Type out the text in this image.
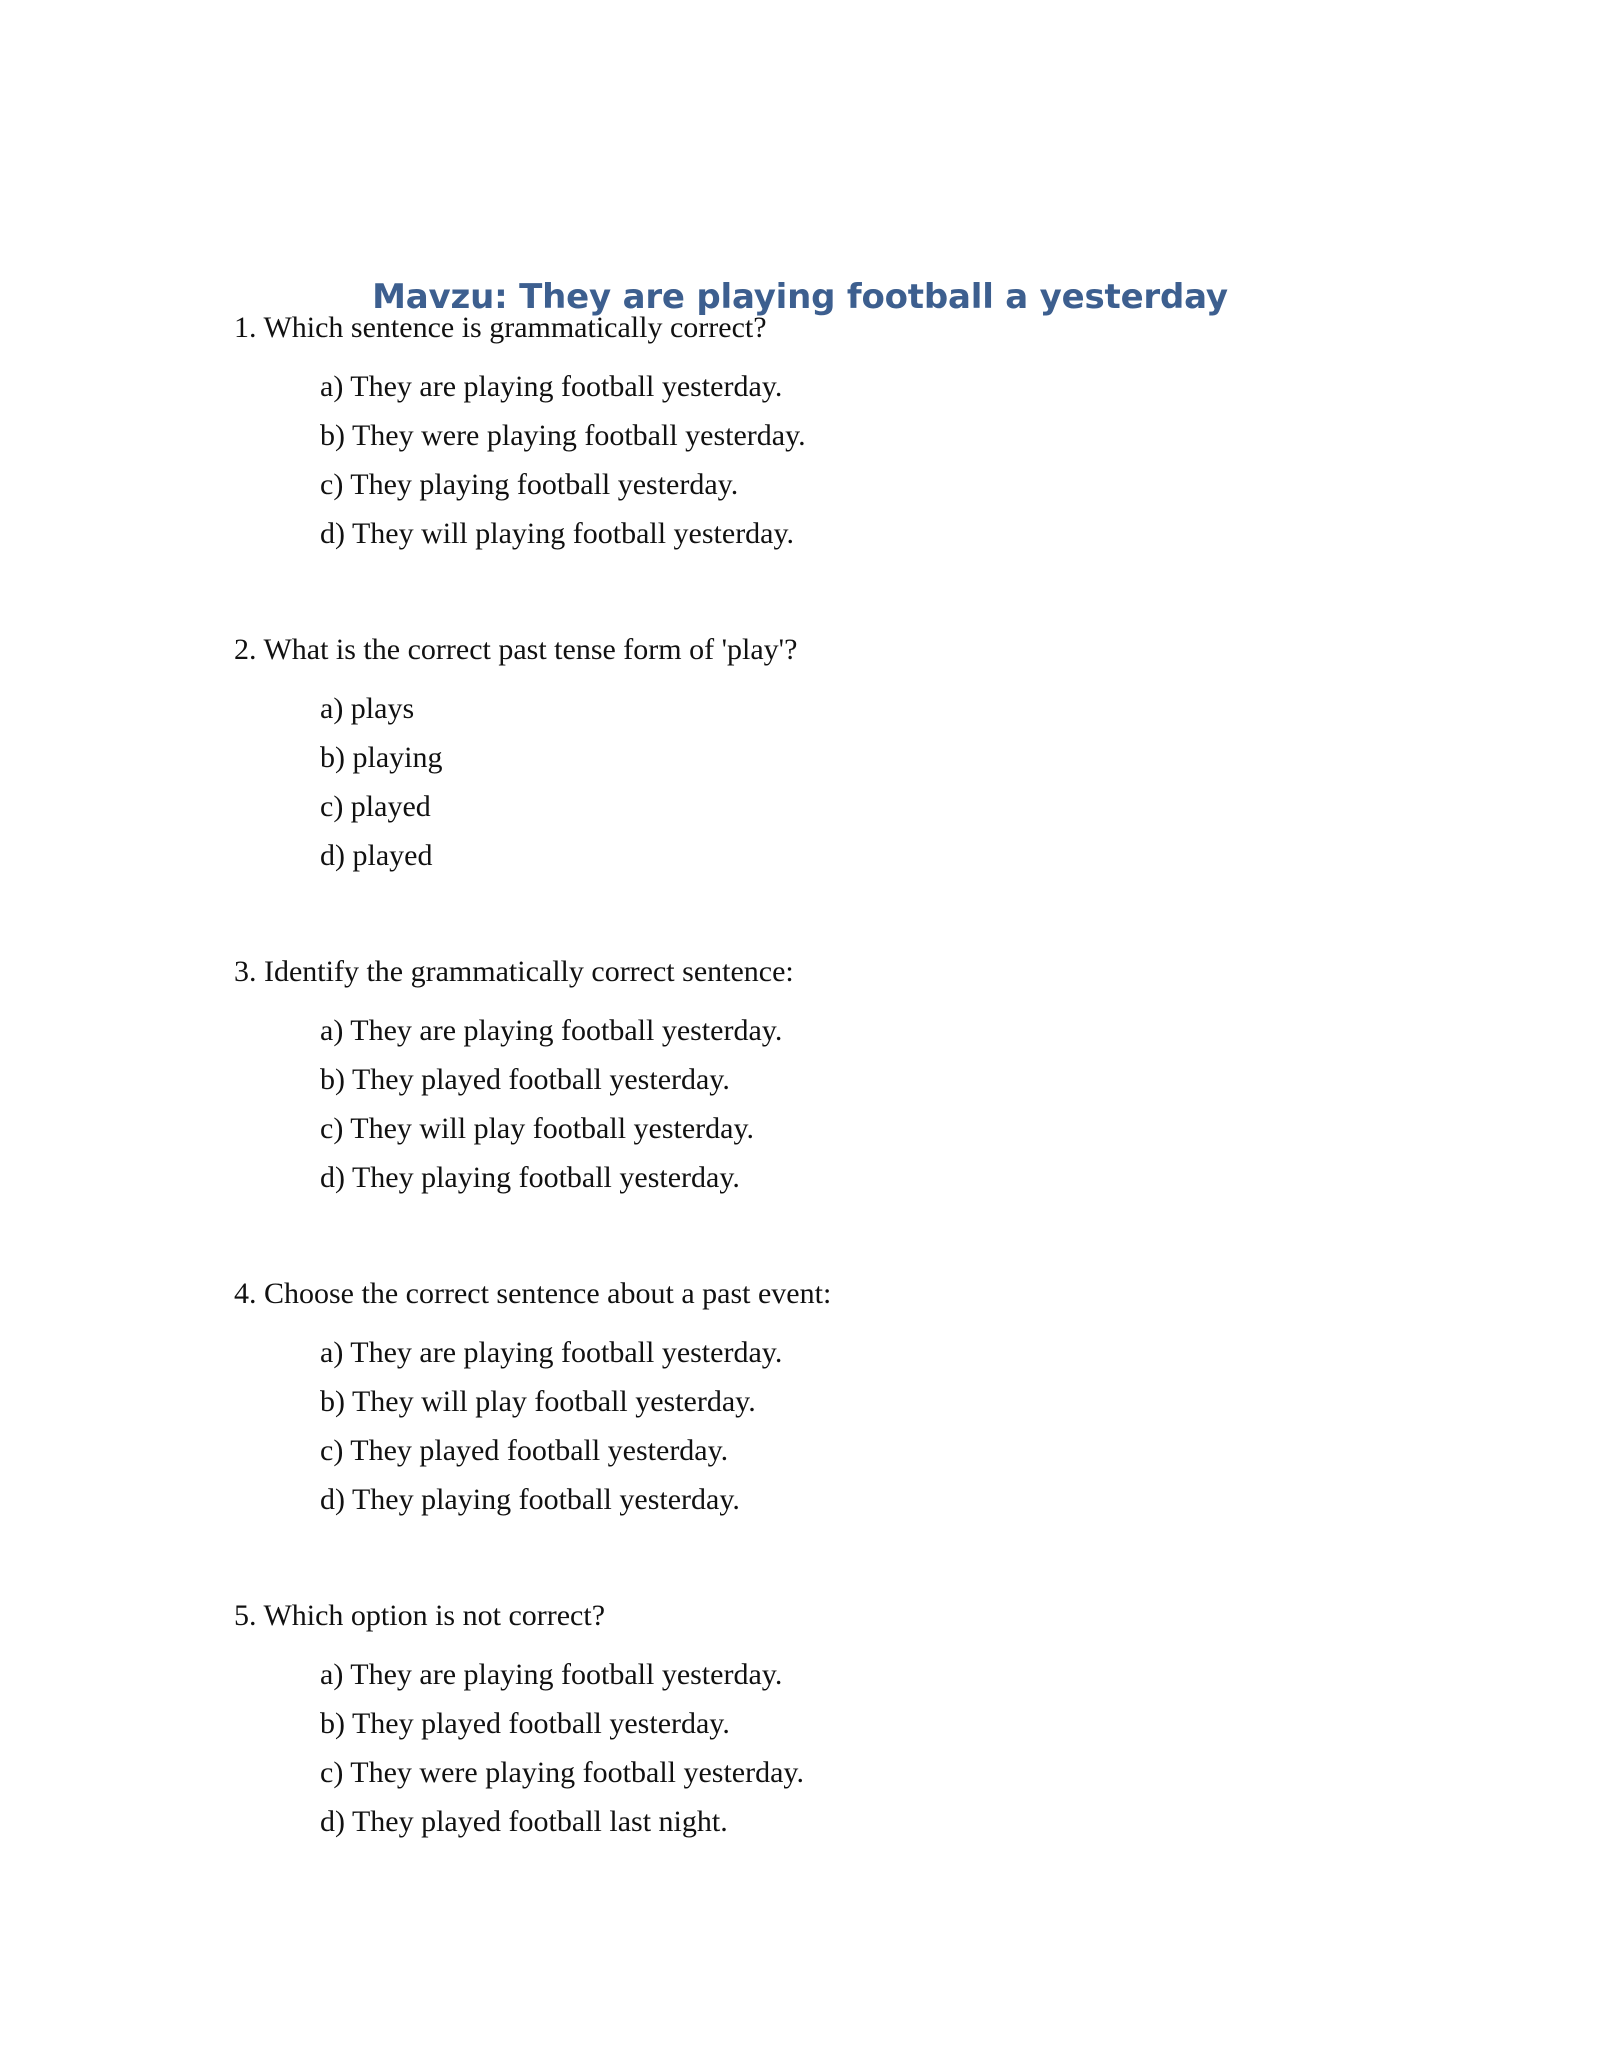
Mavzu: They are playing football a yesterday

1. Which sentence is grammatically correct?

a) They are playing football yesterday.
b) They were playing football yesterday.
c) They playing football yesterday.
d) They will playing football yesterday.

2. What is the correct past tense form of 'play'?

a) plays
b) playing
c) played
d) played

3. Identify the grammatically correct sentence:

a) They are playing football yesterday.
b) They played football yesterday.
c) They will play football yesterday.
d) They playing football yesterday.

4. Choose the correct sentence about a past event:

a) They are playing football yesterday.
b) They will play football yesterday.
c) They played football yesterday.
d) They playing football yesterday.

5. Which option is not correct?

a) They are playing football yesterday.
b) They played football yesterday.
c) They were playing football yesterday.
d) They played football last night.
